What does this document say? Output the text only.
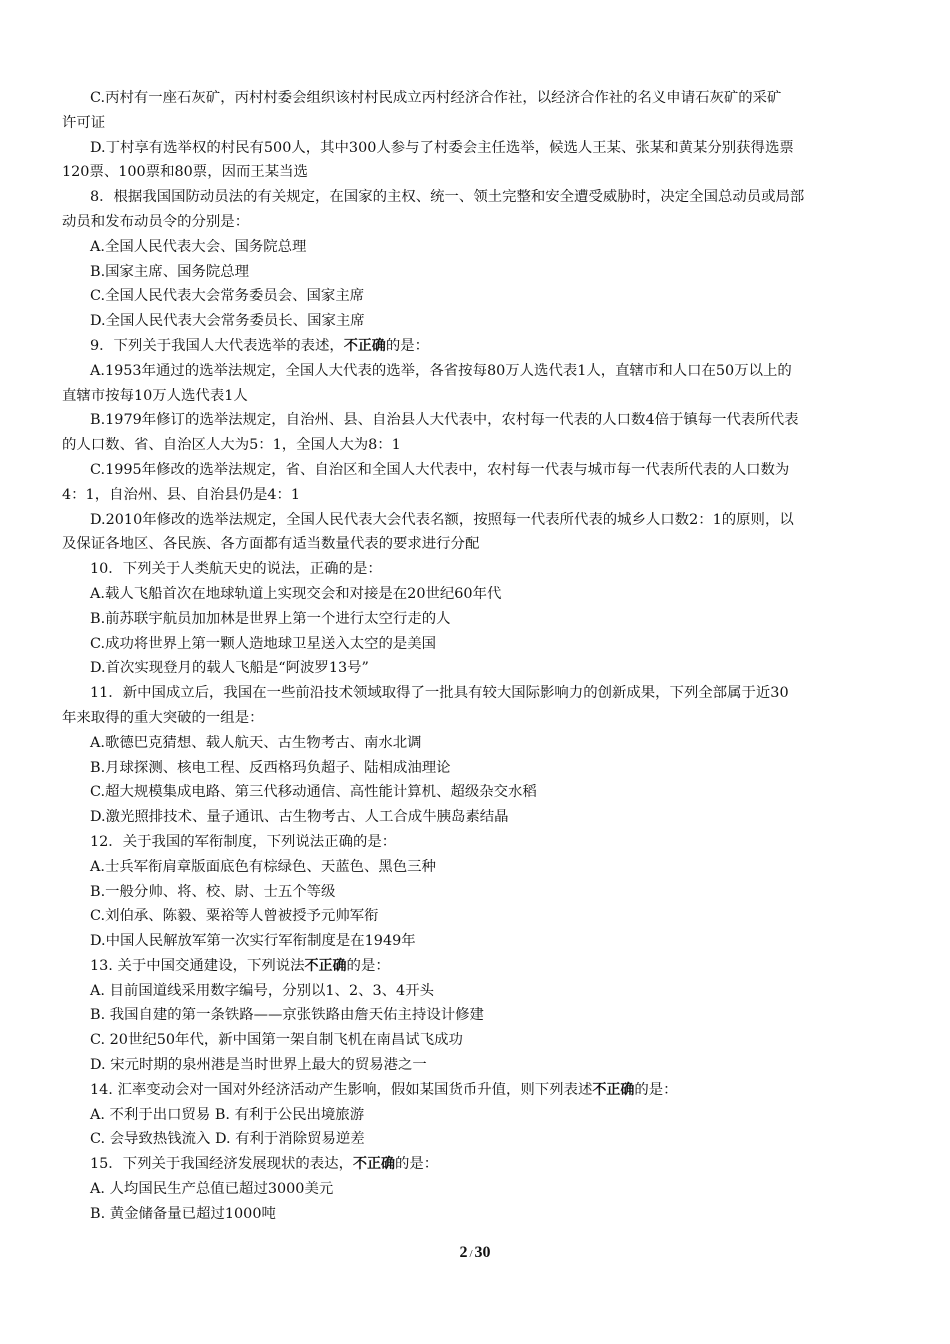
C.丙村有一座石灰矿，丙村村委会组织该村村民成立丙村经济合作社，以经济合作社的名义申请石灰矿的采矿
许可证
D.丁村享有选举权的村民有500人，其中300人参与了村委会主任选举，候选人王某、张某和黄某分别获得选票
120票、100票和80票，因而王某当选
8．根据我国国防动员法的有关规定，在国家的主权、统一、领土完整和安全遭受威胁时，决定全国总动员或局部
动员和发布动员令的分别是：
A.全国人民代表大会、国务院总理
B.国家主席、国务院总理
C.全国人民代表大会常务委员会、国家主席
D.全国人民代表大会常务委员长、国家主席
9．下列关于我国人大代表选举的表述，不正确的是：
A.1953年通过的选举法规定，全国人大代表的选举，各省按每80万人选代表1人，直辖市和人口在50万以上的
直辖市按每10万人选代表1人
B.1979年修订的选举法规定，自治州、县、自治县人大代表中，农村每一代表的人口数4倍于镇每一代表所代表
的人口数、省、自治区人大为5：1，全国人大为8：1
C.1995年修改的选举法规定，省、自治区和全国人大代表中，农村每一代表与城市每一代表所代表的人口数为
4：1，自治州、县、自治县仍是4：1
D.2010年修改的选举法规定，全国人民代表大会代表名额，按照每一代表所代表的城乡人口数2：1的原则，以
及保证各地区、各民族、各方面都有适当数量代表的要求进行分配
10．下列关于人类航天史的说法，正确的是：
A.载人飞船首次在地球轨道上实现交会和对接是在20世纪60年代
B.前苏联宇航员加加林是世界上第一个进行太空行走的人
C.成功将世界上第一颗人造地球卫星送入太空的是美国
D.首次实现登月的载人飞船是“阿波罗13号”
11．新中国成立后，我国在一些前沿技术领域取得了一批具有较大国际影响力的创新成果，下列全部属于近30
年来取得的重大突破的一组是：
A.歌德巴克猜想、载人航天、古生物考古、南水北调
B.月球探测、核电工程、反西格玛负超子、陆相成油理论
C.超大规模集成电路、第三代移动通信、高性能计算机、超级杂交水稻
D.激光照排技术、量子通讯、古生物考古、人工合成牛胰岛素结晶
12．关于我国的军衔制度，下列说法正确的是：
A.士兵军衔肩章版面底色有棕绿色、天蓝色、黑色三种
B.一般分帅、将、校、尉、士五个等级
C.刘伯承、陈毅、粟裕等人曾被授予元帅军衔
D.中国人民解放军第一次实行军衔制度是在1949年
13. 关于中国交通建设，下列说法不正确的是：
A. 目前国道线采用数字编号，分别以1、2、3、4开头
B. 我国自建的第一条铁路——京张铁路由詹天佑主持设计修建
C. 20世纪50年代，新中国第一架自制飞机在南昌试飞成功
D. 宋元时期的泉州港是当时世界上最大的贸易港之一
14. 汇率变动会对一国对外经济活动产生影响，假如某国货币升值，则下列表述不正确的是：
A. 不利于出口贸易 B. 有利于公民出境旅游
C. 会导致热钱流入 D. 有利于消除贸易逆差
15．下列关于我国经济发展现状的表达，不正确的是：
A. 人均国民生产总值已超过3000美元
B. 黄金储备量已超过1000吨
2 / 30
